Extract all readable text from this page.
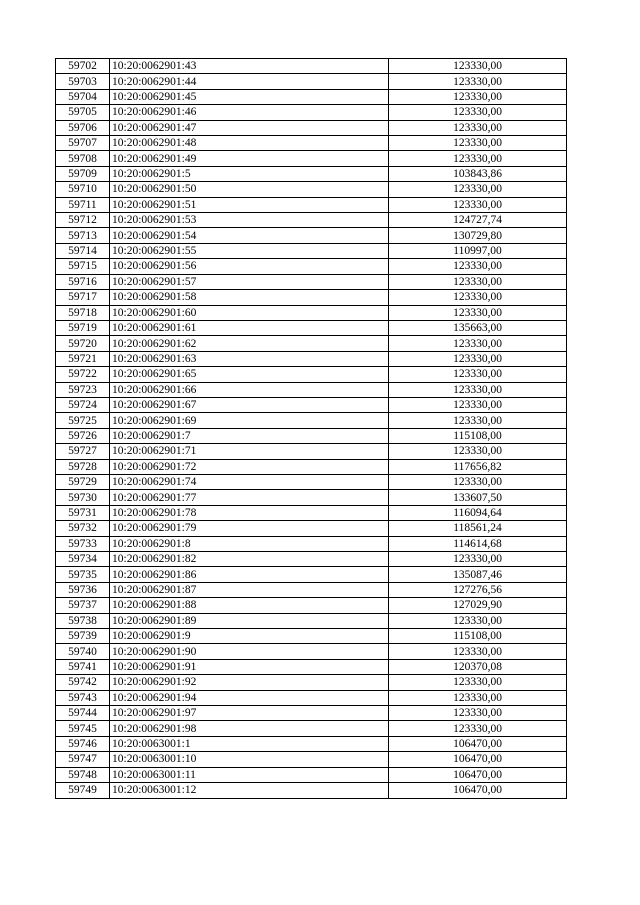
59702	10:20:0062901:43	123330,00
59703	10:20:0062901:44	123330,00
59704	10:20:0062901:45	123330,00
59705	10:20:0062901:46	123330,00
59706	10:20:0062901:47	123330,00
59707	10:20:0062901:48	123330,00
59708	10:20:0062901:49	123330,00
59709	10:20:0062901:5	103843,86
59710	10:20:0062901:50	123330,00
59711	10:20:0062901:51	123330,00
59712	10:20:0062901:53	124727,74
59713	10:20:0062901:54	130729,80
59714	10:20:0062901:55	110997,00
59715	10:20:0062901:56	123330,00
59716	10:20:0062901:57	123330,00
59717	10:20:0062901:58	123330,00
59718	10:20:0062901:60	123330,00
59719	10:20:0062901:61	135663,00
59720	10:20:0062901:62	123330,00
59721	10:20:0062901:63	123330,00
59722	10:20:0062901:65	123330,00
59723	10:20:0062901:66	123330,00
59724	10:20:0062901:67	123330,00
59725	10:20:0062901:69	123330,00
59726	10:20:0062901:7	115108,00
59727	10:20:0062901:71	123330,00
59728	10:20:0062901:72	117656,82
59729	10:20:0062901:74	123330,00
59730	10:20:0062901:77	133607,50
59731	10:20:0062901:78	116094,64
59732	10:20:0062901:79	118561,24
59733	10:20:0062901:8	114614,68
59734	10:20:0062901:82	123330,00
59735	10:20:0062901:86	135087,46
59736	10:20:0062901:87	127276,56
59737	10:20:0062901:88	127029,90
59738	10:20:0062901:89	123330,00
59739	10:20:0062901:9	115108,00
59740	10:20:0062901:90	123330,00
59741	10:20:0062901:91	120370,08
59742	10:20:0062901:92	123330,00
59743	10:20:0062901:94	123330,00
59744	10:20:0062901:97	123330,00
59745	10:20:0062901:98	123330,00
59746	10:20:0063001:1	106470,00
59747	10:20:0063001:10	106470,00
59748	10:20:0063001:11	106470,00
59749	10:20:0063001:12	106470,00
